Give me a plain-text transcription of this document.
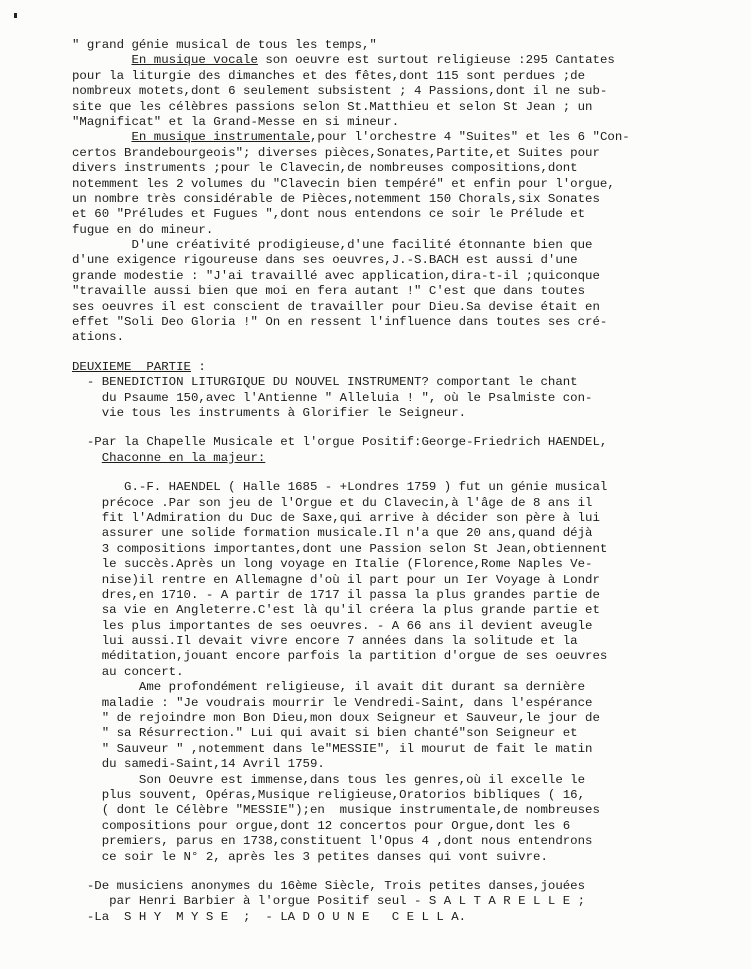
" grand génie musical de tous les temps,"
En musique vocale son oeuvre est surtout religieuse :295 Cantates
pour la liturgie des dimanches et des fêtes,dont 115 sont perdues ;de
nombreux motets,dont 6 seulement subsistent ; 4 Passions,dont il ne sub-
site que les célèbres passions selon St.Matthieu et selon St Jean ; un
"Magnificat" et la Grand-Messe en si mineur.
En musique instrumentale,pour l'orchestre 4 "Suites" et les 6 "Con-
certos Brandebourgeois"; diverses pièces,Sonates,Partite,et Suites pour
divers instruments ;pour le Clavecin,de nombreuses compositions,dont
notemment les 2 volumes du "Clavecin bien tempéré" et enfin pour l'orgue,
un nombre très considérable de Pièces,notemment 150 Chorals,six Sonates
et 60 "Préludes et Fugues ",dont nous entendons ce soir le Prélude et
fugue en do mineur.
D'une créativité prodigieuse,d'une facilité étonnante bien que
d'une exigence rigoureuse dans ses oeuvres,J.-S.BACH est aussi d'une
grande modestie : "J'ai travaillé avec application,dira-t-il ;quiconque
"travaille aussi bien que moi en fera autant !" C'est que dans toutes
ses oeuvres il est conscient de travailler pour Dieu.Sa devise était en
effet "Soli Deo Gloria !" On en ressent l'influence dans toutes ses cré-
ations.
DEUXIEME  PARTIE :
- BENEDICTION LITURGIQUE DU NOUVEL INSTRUMENT? comportant le chant
du Psaume 150,avec l'Antienne " Alleluia ! ", où le Psalmiste con-
vie tous les instruments à Glorifier le Seigneur.
-Par la Chapelle Musicale et l'orgue Positif:George-Friedrich HAENDEL,
Chaconne en la majeur:
G.-F. HAENDEL ( Halle 1685 - +Londres 1759 ) fut un génie musical
précoce .Par son jeu de l'Orgue et du Clavecin,à l'âge de 8 ans il
fit l'Admiration du Duc de Saxe,qui arrive à décider son père à lui
assurer une solide formation musicale.Il n'a que 20 ans,quand déjà
3 compositions importantes,dont une Passion selon St Jean,obtiennent
le succès.Après un long voyage en Italie (Florence,Rome Naples Ve-
nise)il rentre en Allemagne d'où il part pour un Ier Voyage à Londr
dres,en 1710. - A partir de 1717 il passa la plus grandes partie de
sa vie en Angleterre.C'est là qu'il créera la plus grande partie et
les plus importantes de ses oeuvres. - A 66 ans il devient aveugle
lui aussi.Il devait vivre encore 7 années dans la solitude et la
méditation,jouant encore parfois la partition d'orgue de ses oeuvres
au concert.
Ame profondément religieuse, il avait dit durant sa dernière
maladie : "Je voudrais mourrir le Vendredi-Saint, dans l'espérance
" de rejoindre mon Bon Dieu,mon doux Seigneur et Sauveur,le jour de
" sa Résurrection." Lui qui avait si bien chanté"son Seigneur et
" Sauveur " ,notemment dans le"MESSIE", il mourut de fait le matin
du samedi-Saint,14 Avril 1759.
Son Oeuvre est immense,dans tous les genres,où il excelle le
plus souvent, Opéras,Musique religieuse,Oratorios bibliques ( 16,
( dont le Célèbre "MESSIE");en  musique instrumentale,de nombreuses
compositions pour orgue,dont 12 concertos pour Orgue,dont les 6
premiers, parus en 1738,constituent l'Opus 4 ,dont nous entendrons
ce soir le N° 2, après les 3 petites danses qui vont suivre.
-De musiciens anonymes du 16ème Siècle, Trois petites danses,jouées
par Henri Barbier à l'orgue Positif seul - S A L T A R E L L E ;
-La  S H Y  M Y S E  ;  - LA D O U N E   C E L L A.
